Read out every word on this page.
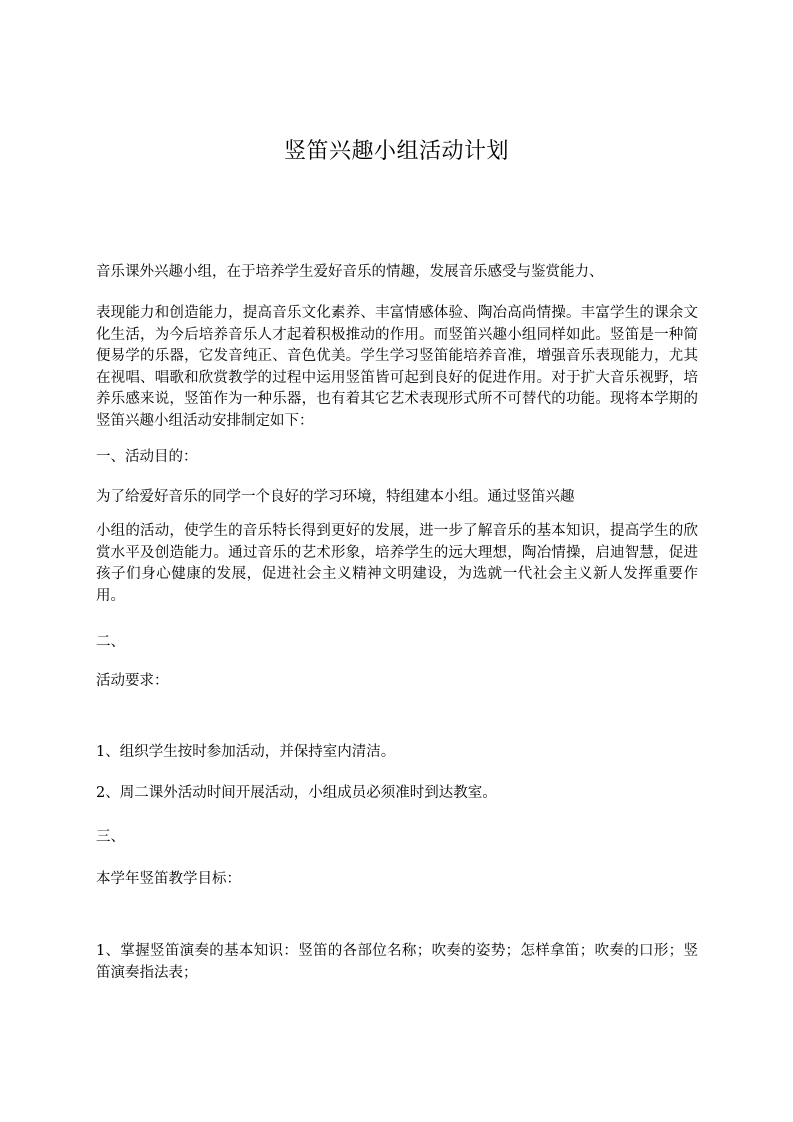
竖笛兴趣小组活动计划

音乐课外兴趣小组，在于培养学生爱好音乐的情趣，发展音乐感受与鉴赏能力、

表现能力和创造能力，提高音乐文化素养、丰富情感体验、陶冶高尚情操。丰富学生的课余文化生活，为今后培养音乐人才起着积极推动的作用。而竖笛兴趣小组同样如此。竖笛是一种简便易学的乐器，它发音纯正、音色优美。学生学习竖笛能培养音准，增强音乐表现能力，尤其在视唱、唱歌和欣赏教学的过程中运用竖笛皆可起到良好的促进作用。对于扩大音乐视野，培养乐感来说，竖笛作为一种乐器，也有着其它艺术表现形式所不可替代的功能。现将本学期的竖笛兴趣小组活动安排制定如下：

一、活动目的：

为了给爱好音乐的同学一个良好的学习环境，特组建本小组。通过竖笛兴趣

小组的活动，使学生的音乐特长得到更好的发展，进一步了解音乐的基本知识，提高学生的欣赏水平及创造能力。通过音乐的艺术形象，培养学生的远大理想，陶冶情操，启迪智慧，促进孩子们身心健康的发展，促进社会主义精神文明建设，为选就一代社会主义新人发挥重要作用。

二、

活动要求：

1、组织学生按时参加活动，并保持室内清洁。

2、周二课外活动时间开展活动，小组成员必须准时到达教室。

三、

本学年竖笛教学目标：

1、掌握竖笛演奏的基本知识：竖笛的各部位名称；吹奏的姿势；怎样拿笛；吹奏的口形；竖笛演奏指法表；
